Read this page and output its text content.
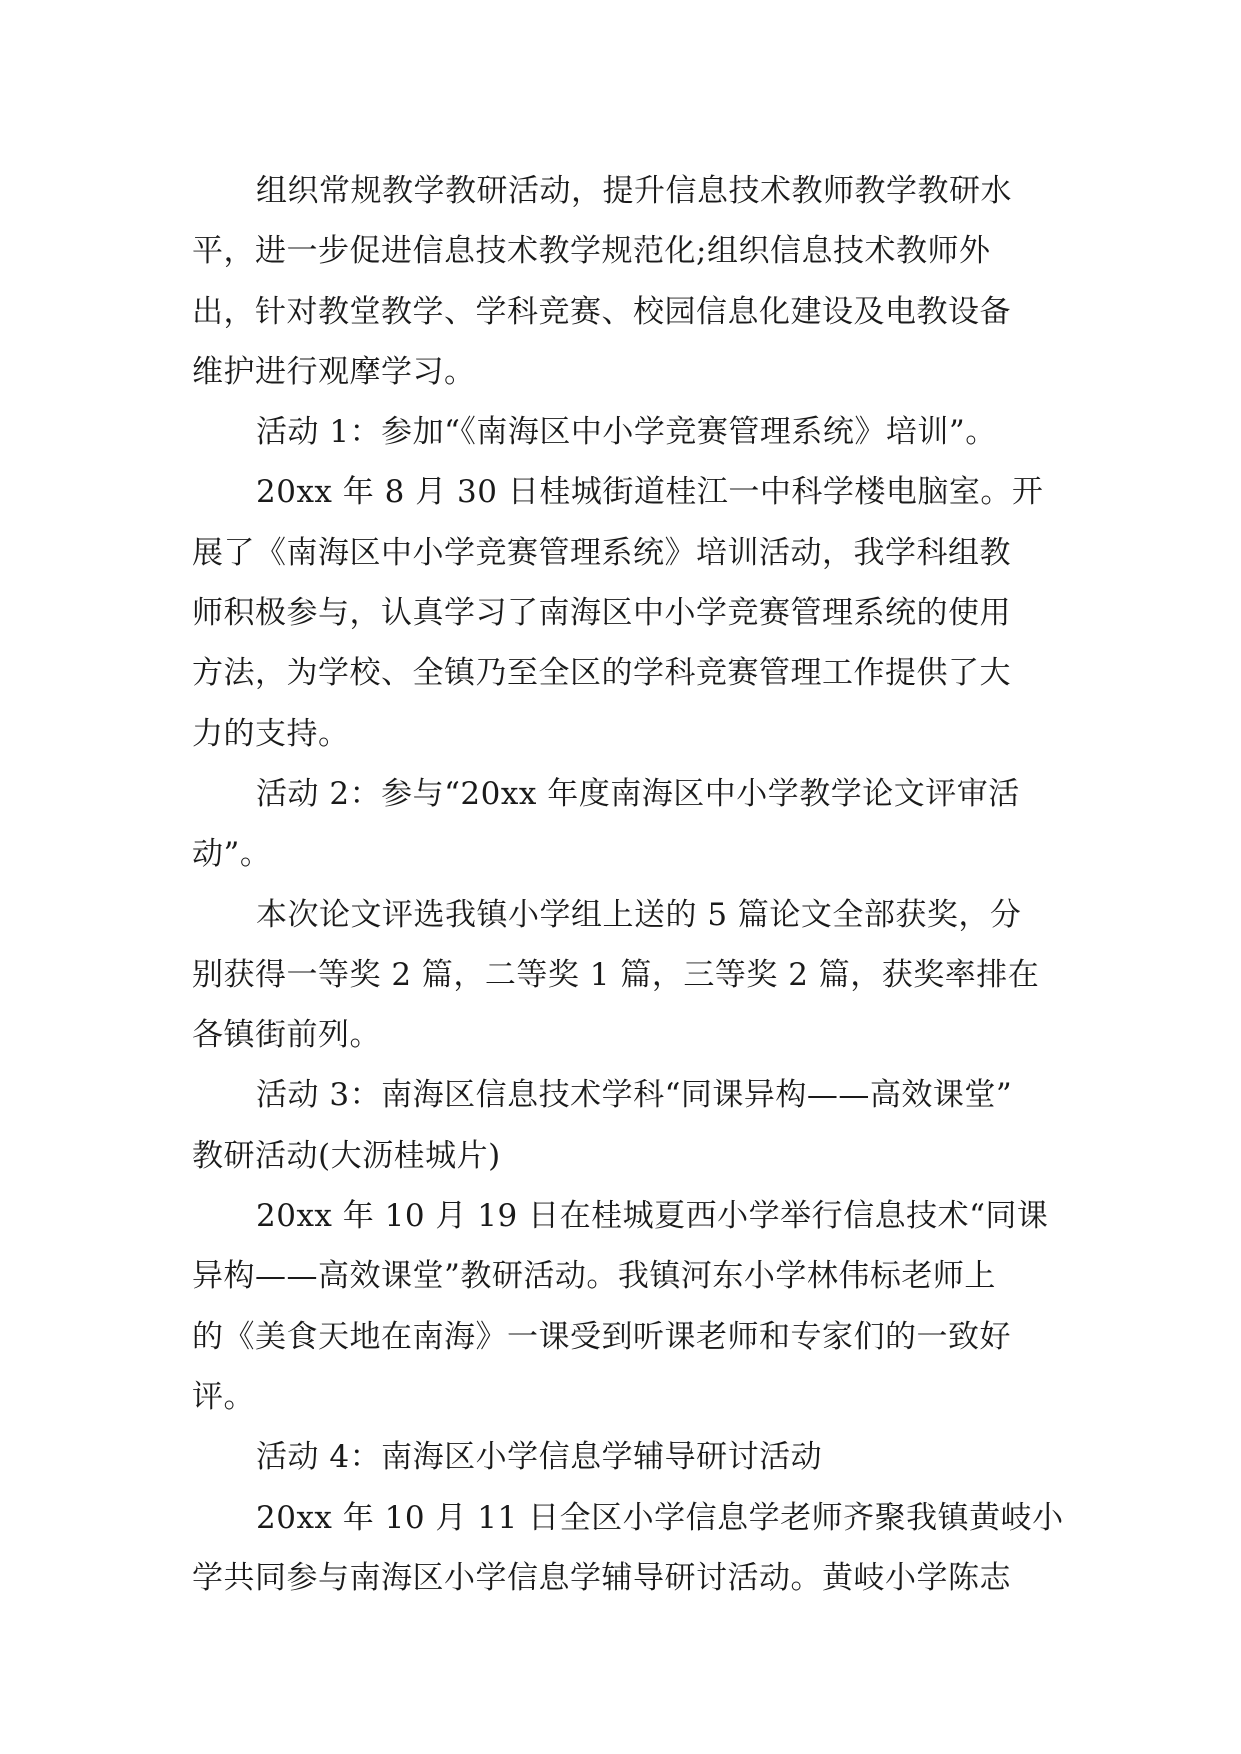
组织常规教学教研活动，提升信息技术教师教学教研水
平，进一步促进信息技术教学规范化;组织信息技术教师外
出，针对教堂教学、学科竞赛、校园信息化建设及电教设备
维护进行观摩学习。
活动 1：参加“《南海区中小学竞赛管理系统》培训”。
20xx 年 8 月 30 日桂城街道桂江一中科学楼电脑室。开
展了《南海区中小学竞赛管理系统》培训活动，我学科组教
师积极参与，认真学习了南海区中小学竞赛管理系统的使用
方法，为学校、全镇乃至全区的学科竞赛管理工作提供了大
力的支持。
活动 2：参与“20xx 年度南海区中小学教学论文评审活
动”。
本次论文评选我镇小学组上送的 5 篇论文全部获奖，分
别获得一等奖 2 篇，二等奖 1 篇，三等奖 2 篇，获奖率排在
各镇街前列。
活动 3：南海区信息技术学科“同课异构——高效课堂”
教研活动(大沥桂城片)
20xx 年 10 月 19 日在桂城夏西小学举行信息技术“同课
异构——高效课堂”教研活动。我镇河东小学林伟标老师上
的《美食天地在南海》一课受到听课老师和专家们的一致好
评。
活动 4：南海区小学信息学辅导研讨活动
20xx 年 10 月 11 日全区小学信息学老师齐聚我镇黄岐小
学共同参与南海区小学信息学辅导研讨活动。黄岐小学陈志
